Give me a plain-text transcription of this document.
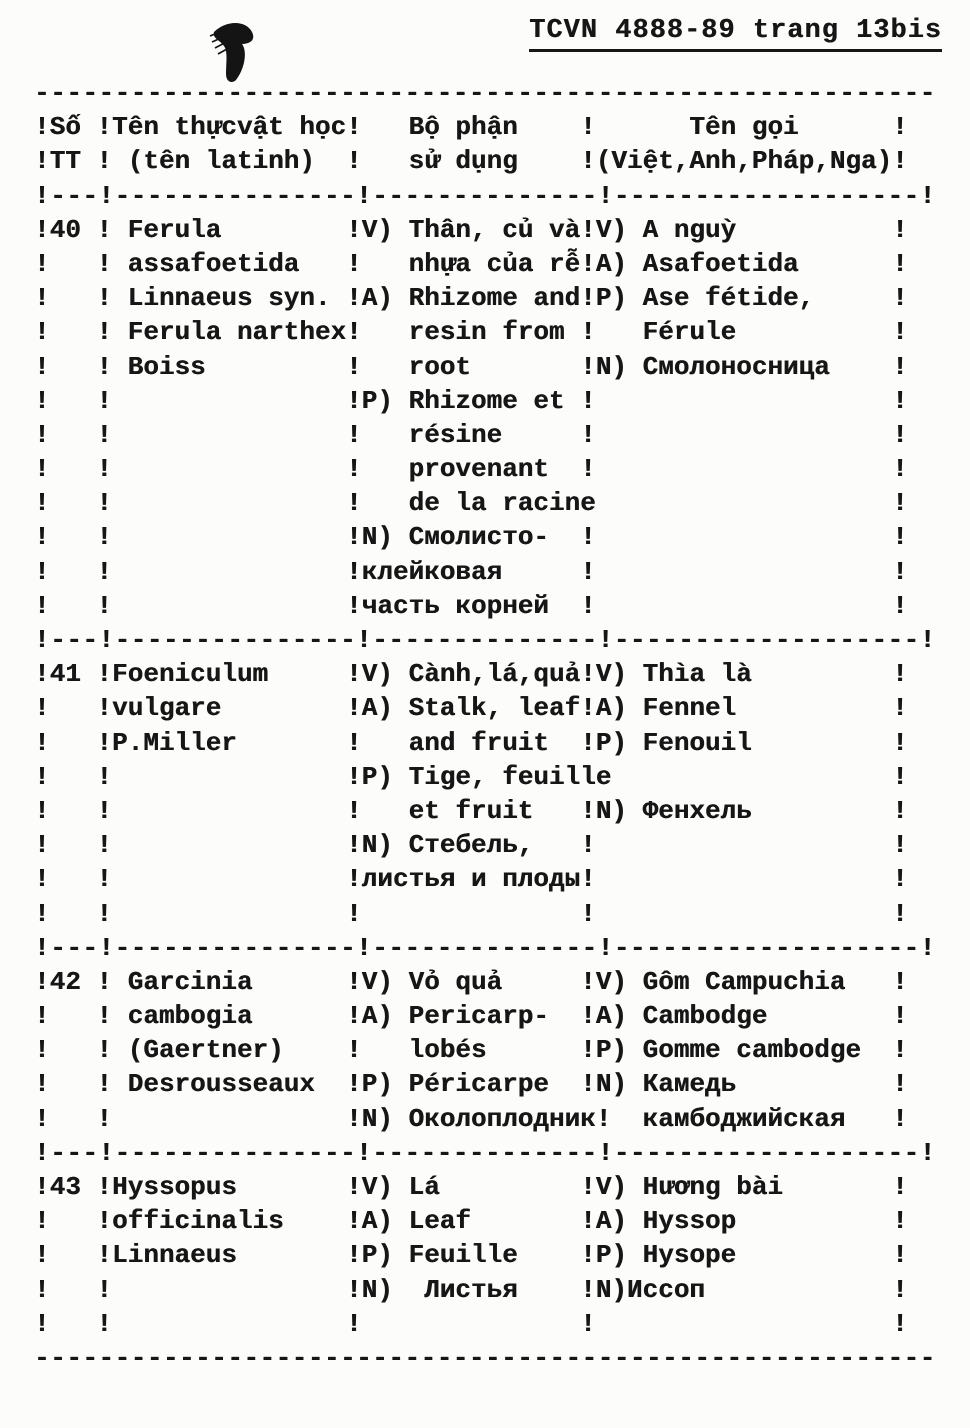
TCVN 4888-89 trang 13bis
--------------------------------------------------------
!Số !Tên thựcvật học!   Bộ phận    !      Tên gọi      !
!TT ! (tên latinh)  !   sử dụng    !(Việt,Anh,Pháp,Nga)!
!---!---------------!--------------!-------------------!
!40 ! Ferula        !V) Thân, củ và!V) A nguỳ          !
!   ! assafoetida   !   nhựa của rễ!A) Asafoetida      !
!   ! Linnaeus syn. !A) Rhizome and!P) Ase fétide,     !
!   ! Ferula narthex!   resin from !   Férule          !
!   ! Boiss         !   root       !N) Смолоносница    !
!   !               !P) Rhizome et !                   !
!   !               !   résine     !                   !
!   !               !   provenant  !                   !
!   !               !   de la racine                   !
!   !               !N) Смолисто-  !                   !
!   !               !клейковая     !                   !
!   !               !часть корней  !                   !
!---!---------------!--------------!-------------------!
!41 !Foeniculum     !V) Cành,lá,quả!V) Thìa là         !
!   !vulgare        !A) Stalk, leaf!A) Fennel          !
!   !P.Miller       !   and fruit  !P) Fenouil         !
!   !               !P) Tige, feuille                  !
!   !               !   et fruit   !N) Фенхель         !
!   !               !N) Стебель,   !                   !
!   !               !листья и плоды!                   !
!   !               !              !                   !
!---!---------------!--------------!-------------------!
!42 ! Garcinia      !V) Vỏ quả     !V) Gôm Campuchia   !
!   ! cambogia      !A) Pericarp-  !A) Cambodge        !
!   ! (Gaertner)    !   lobés      !P) Gomme cambodge  !
!   ! Desrousseaux  !P) Péricarpe  !N) Камедь          !
!   !               !N) Околоплодник!  камбоджийская   !
!---!---------------!--------------!-------------------!
!43 !Hyssopus       !V) Lá         !V) Hương bài       !
!   !officinalis    !A) Leaf       !A) Hyssop          !
!   !Linnaeus       !P) Feuille    !P) Hysope          !
!   !               !N)  Листья    !N)Иссоп            !
!   !               !              !                   !
--------------------------------------------------------
